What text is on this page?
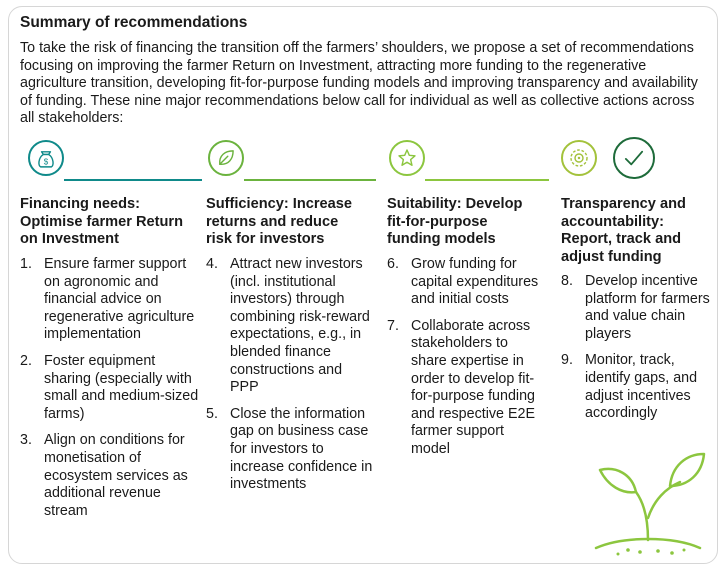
Summary of recommendations
To take the risk of financing the transition off the farmers’ shoulders, we propose a set of recommendations focusing on improving the farmer Return on Investment, attracting more funding to the regenerative agriculture transition, developing fit-for-purpose funding models and improving transparency and availability of funding. These nine major recommendations below call for individual as well as collective actions across all stakeholders:
$
Financing needs: Optimise farmer Return on Investment
1. Ensure farmer support on agronomic and financial advice on regenerative agriculture implementation
2. Foster equipment sharing (especially with small and medium-sized farms)
3. Align on conditions for monetisation of ecosystem services as additional revenue stream
Sufficiency: Increase returns and reduce risk for investors
4. Attract new investors (incl. institutional investors) through combining risk-reward expectations, e.g., in blended finance constructions and PPP
5. Close the information gap on business case for investors to increase confidence in investments
Suitability: Develop fit-for-purpose funding models
6. Grow funding for capital expenditures and initial costs
7. Collaborate across stakeholders to share expertise in order to develop fit-for-purpose funding and respective E2E farmer support model
Transparency and accountability: Report, track and adjust funding
8. Develop incentive platform for farmers and value chain players
9. Monitor, track, identify gaps, and adjust incentives accordingly
